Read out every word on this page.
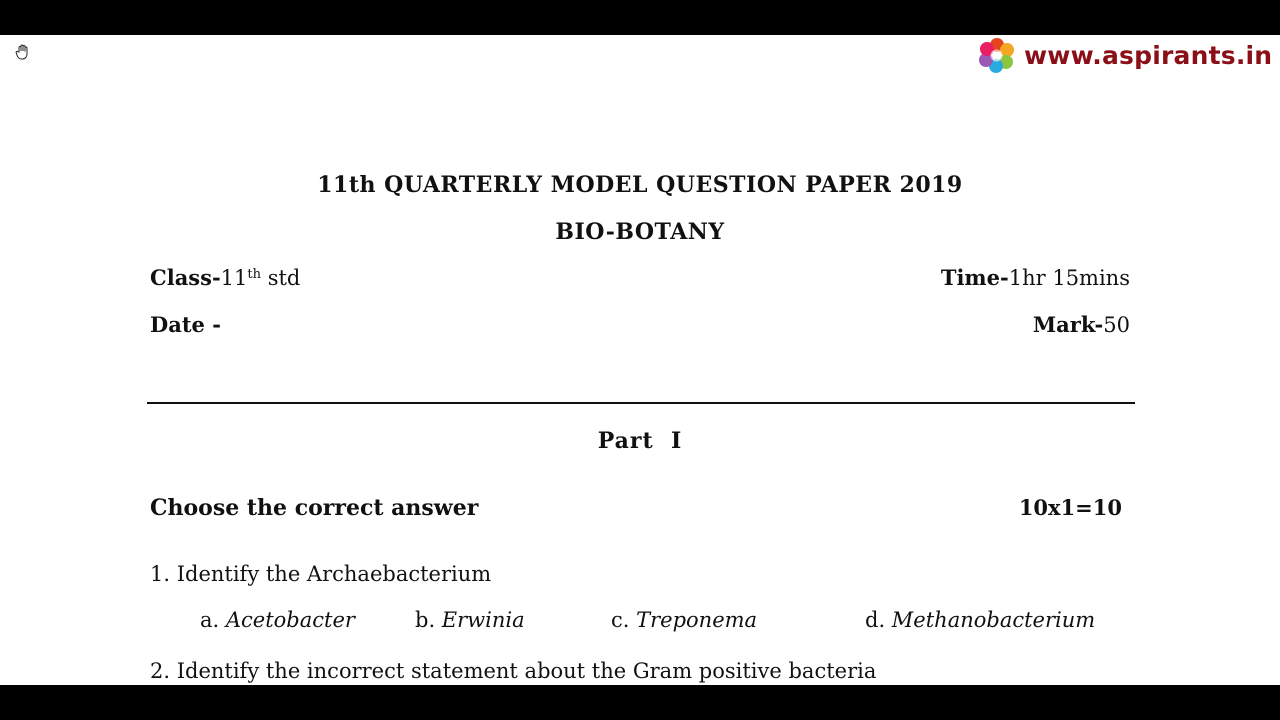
www.aspirants.in
11th QUARTERLY MODEL QUESTION PAPER 2019
BIO-BOTANY
Class-11th std	Time-1hr 15mins
Date -	Mark-50
Part  I
Choose the correct answer	10x1=10
1. Identify the Archaebacterium
a. Acetobacter	b. Erwinia	c. Treponema	d. Methanobacterium
2. Identify the incorrect statement about the Gram positive bacteria
